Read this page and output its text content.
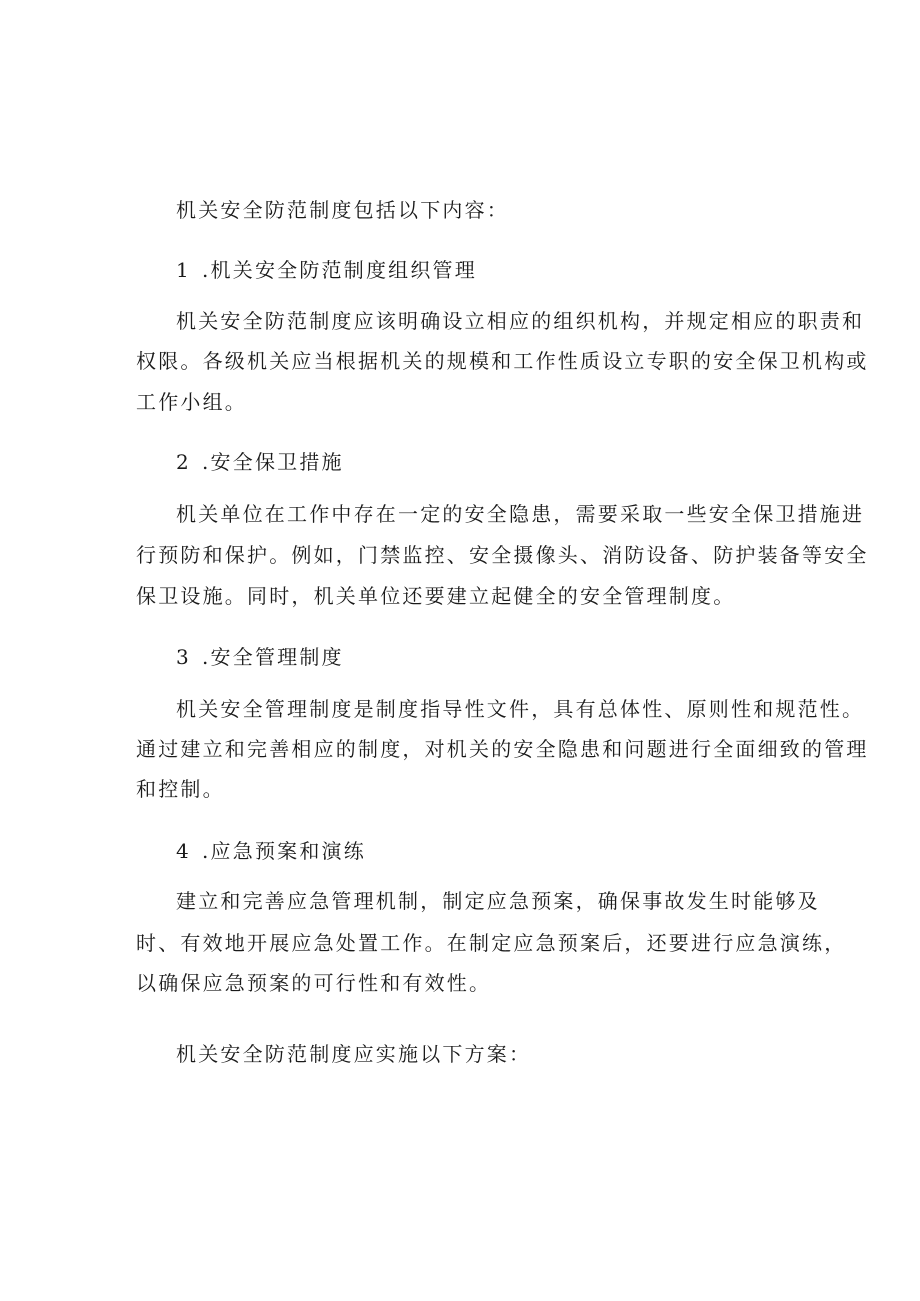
机关安全防范制度包括以下内容：
1 .机关安全防范制度组织管理
机关安全防范制度应该明确设立相应的组织机构，并规定相应的职责和
权限。各级机关应当根据机关的规模和工作性质设立专职的安全保卫机构或
工作小组。
2 .安全保卫措施
机关单位在工作中存在一定的安全隐患，需要采取一些安全保卫措施进
行预防和保护。例如，门禁监控、安全摄像头、消防设备、防护装备等安全
保卫设施。同时，机关单位还要建立起健全的安全管理制度。
3 .安全管理制度
机关安全管理制度是制度指导性文件，具有总体性、原则性和规范性。
通过建立和完善相应的制度，对机关的安全隐患和问题进行全面细致的管理
和控制。
4 .应急预案和演练
建立和完善应急管理机制，制定应急预案，确保事故发生时能够及
时、有效地开展应急处置工作。在制定应急预案后，还要进行应急演练，
以确保应急预案的可行性和有效性。
机关安全防范制度应实施以下方案：
